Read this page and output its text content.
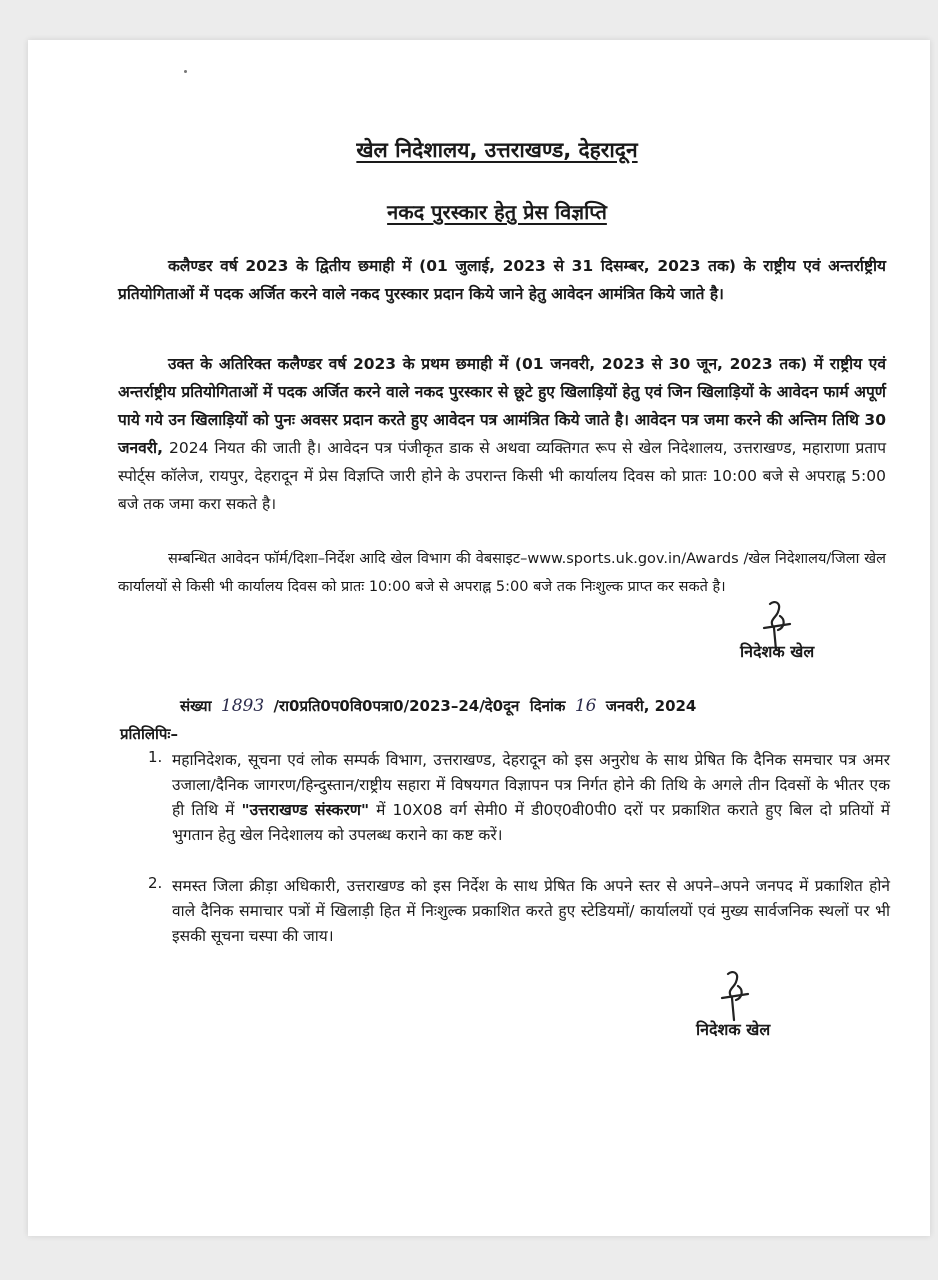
खेल निदेशालय, उत्तराखण्ड, देहरादून
नकद पुरस्कार हेतु प्रेस विज्ञप्ति

कलैण्डर वर्ष 2023 के द्वितीय छमाही में (01 जुलाई, 2023 से 31 दिसम्बर, 2023 तक) के राष्ट्रीय एवं अन्तर्राष्ट्रीय प्रतियोगिताओं में पदक अर्जित करने वाले नकद पुरस्कार प्रदान किये जाने हेतु आवेदन आमंत्रित किये जाते है।

उक्त के अतिरिक्त कलैण्डर वर्ष 2023 के प्रथम छमाही में (01 जनवरी, 2023 से 30 जून, 2023 तक) में राष्ट्रीय एवं अन्तर्राष्ट्रीय प्रतियोगिताओं में पदक अर्जित करने वाले नकद पुरस्कार से छूटे हुए खिलाड़ियों हेतु एवं जिन खिलाड़ियों के आवेदन फार्म अपूर्ण पाये गये उन खिलाड़ियों को पुनः अवसर प्रदान करते हुए आवेदन पत्र आमंत्रित किये जाते है। आवेदन पत्र जमा करने की अन्तिम तिथि 30 जनवरी, 2024 नियत की जाती है। आवेदन पत्र पंजीकृत डाक से अथवा व्यक्तिगत रूप से खेल निदेशालय, उत्तराखण्ड, महाराणा प्रताप स्पोर्ट्स कॉलेज, रायपुर, देहरादून में प्रेस विज्ञप्ति जारी होने के उपरान्त किसी भी कार्यालय दिवस को प्रातः 10:00 बजे से अपराह्न 5:00 बजे तक जमा करा सकते है।

सम्बन्धित आवेदन फॉर्म/दिशा–निर्देश आदि खेल विभाग की वेबसाइट–www.sports.uk.gov.in/Awards /खेल निदेशालय/जिला खेल कार्यालयों से किसी भी कार्यालय दिवस को प्रातः 10:00 बजे से अपराह्न 5:00 बजे तक निःशुल्क प्राप्त कर सकते है।

निदेशक खेल
संख्या 1893 /रा0प्रति0प0वि0पत्रा0/2023–24/दे0दून दिनांक 16 जनवरी, 2024
प्रतिलिपिः–
1. महानिदेशक, सूचना एवं लोक सम्पर्क विभाग, उत्तराखण्ड, देहरादून को इस अनुरोध के साथ प्रेषित कि दैनिक समचार पत्र अमर उजाला/दैनिक जागरण/हिन्दुस्तान/राष्ट्रीय सहारा में विषयगत विज्ञापन पत्र निर्गत होने की तिथि के अगले तीन दिवसों के भीतर एक ही तिथि में "उत्तराखण्ड संस्करण" में 10X08 वर्ग सेमी0 में डी0ए0वी0पी0 दरों पर प्रकाशित कराते हुए बिल दो प्रतियों में भुगतान हेतु खेल निदेशालय को उपलब्ध कराने का कष्ट करें।
2. समस्त जिला क्रीड़ा अधिकारी, उत्तराखण्ड को इस निर्देश के साथ प्रेषित कि अपने स्तर से अपने–अपने जनपद में प्रकाशित होने वाले दैनिक समाचार पत्रों में खिलाड़ी हित में निःशुल्क प्रकाशित करते हुए स्टेडियमों/ कार्यालयों एवं मुख्य सार्वजनिक स्थलों पर भी इसकी सूचना चस्पा की जाय।
निदेशक खेल
